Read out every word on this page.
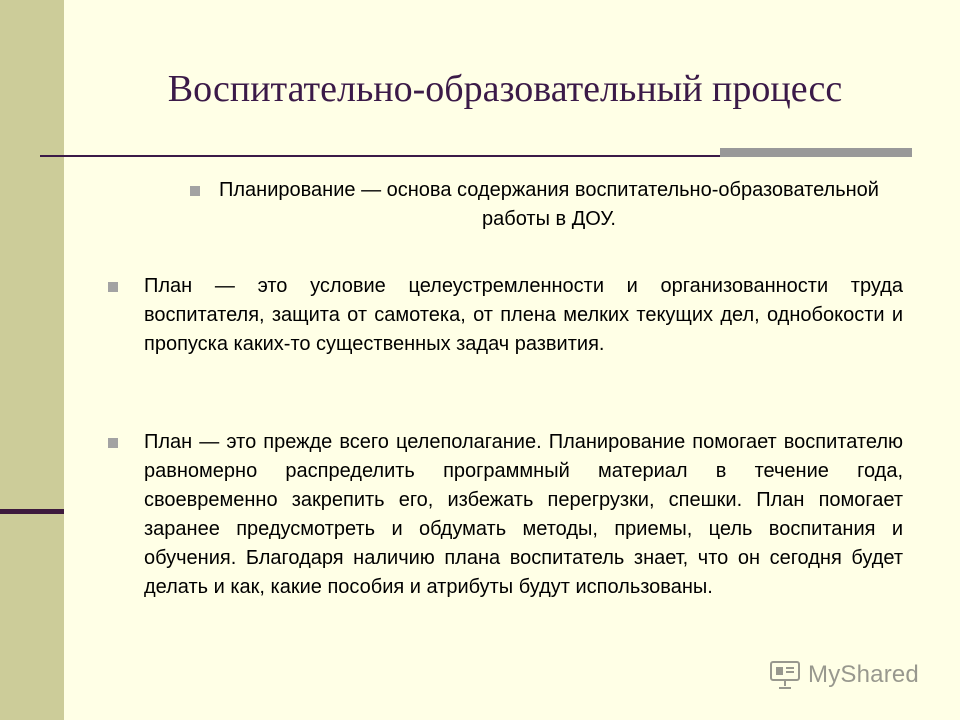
Воспитательно-образовательный процесс
Планирование — основа содержания воспитательно-образовательной работы в ДОУ.
План — это условие целеустремленности и организованности труда воспитателя, защита от самотека, от плена мелких текущих дел, однобокости и пропуска каких-то существенных задач развития.
План — это прежде всего целеполагание. Планирование помогает воспитателю равномерно распределить программный материал в течение года, своевременно закрепить его, избежать перегрузки, спешки. План помогает заранее предусмотреть и обдумать методы, приемы, цель воспитания и обучения. Благодаря наличию плана воспитатель знает, что он сегодня будет делать и как, какие пособия и атрибуты будут использованы.
MyShared
